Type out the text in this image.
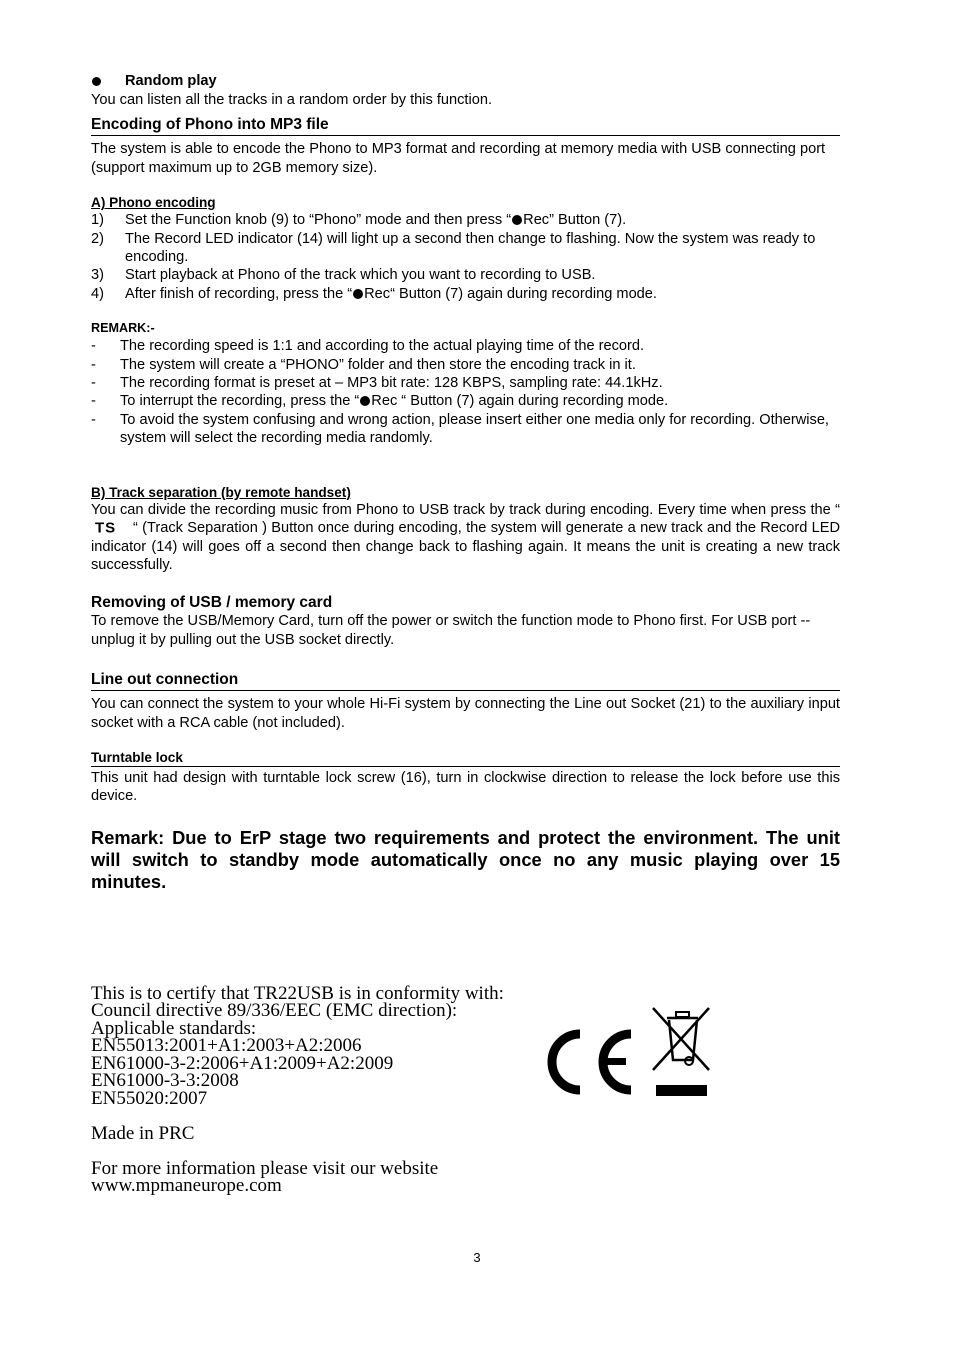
Random play

You can listen all the tracks in a random order by this function.

Encoding of Phono into MP3 file

The system is able to encode the Phono to MP3 format and recording at memory media with USB connecting port (support maximum up to 2GB memory size).

A) Phono encoding
1)	Set the Function knob (9) to “Phono” mode and then press “ Rec” Button (7).
2)	The Record LED indicator (14) will light up a second then change to flashing. Now the system was ready to encoding.
3)	Start playback at Phono of the track which you want to recording to USB.
4)	After finish of recording, press the “ Rec“ Button (7) again during recording mode.
REMARK:-
-	The recording speed is 1:1 and according to the actual playing time of the record.
-	The system will create a “PHONO” folder and then store the encoding track in it.
-	The recording format is preset at – MP3 bit rate: 128 KBPS, sampling rate: 44.1kHz.
-	To interrupt the recording, press the “ Rec “ Button (7) again during recording mode.
-	To avoid the system confusing and wrong action, please insert either one media only for recording. Otherwise, system will select the recording media randomly.
B) Track separation (by remote handset)

You can divide the recording music from Phono to USB track by track during encoding. Every time when press the “
TS “ (Track Separation ) Button once during encoding, the system will generate a new track and the Record LED indicator (14) will goes off a second then change back to flashing again. It means the unit is creating a new track successfully.

Removing of USB / memory card

To remove the USB/Memory Card, turn off the power or switch the function mode to Phono first. For USB port -- unplug it by pulling out the USB socket directly.

Line out connection

You can connect the system to your whole Hi-Fi system by connecting the Line out Socket (21) to the auxiliary input socket with a RCA cable (not included).

Turntable lock

This unit had design with turntable lock screw (16), turn in clockwise direction to release the lock before use this device.

Remark: Due to ErP stage two requirements and protect the environment. The unit will switch to standby mode automatically once no any music playing over 15 minutes.

This is to certify that TR22USB is in conformity with:
Council directive 89/336/EEC (EMC direction):
Applicable standards:
EN55013:2001+A1:2003+A2:2006
EN61000-3-2:2006+A1:2009+A2:2009
EN61000-3-3:2008
EN55020:2007
Made in PRC
For more information please visit our website
www.mpmaneurope.com
3
